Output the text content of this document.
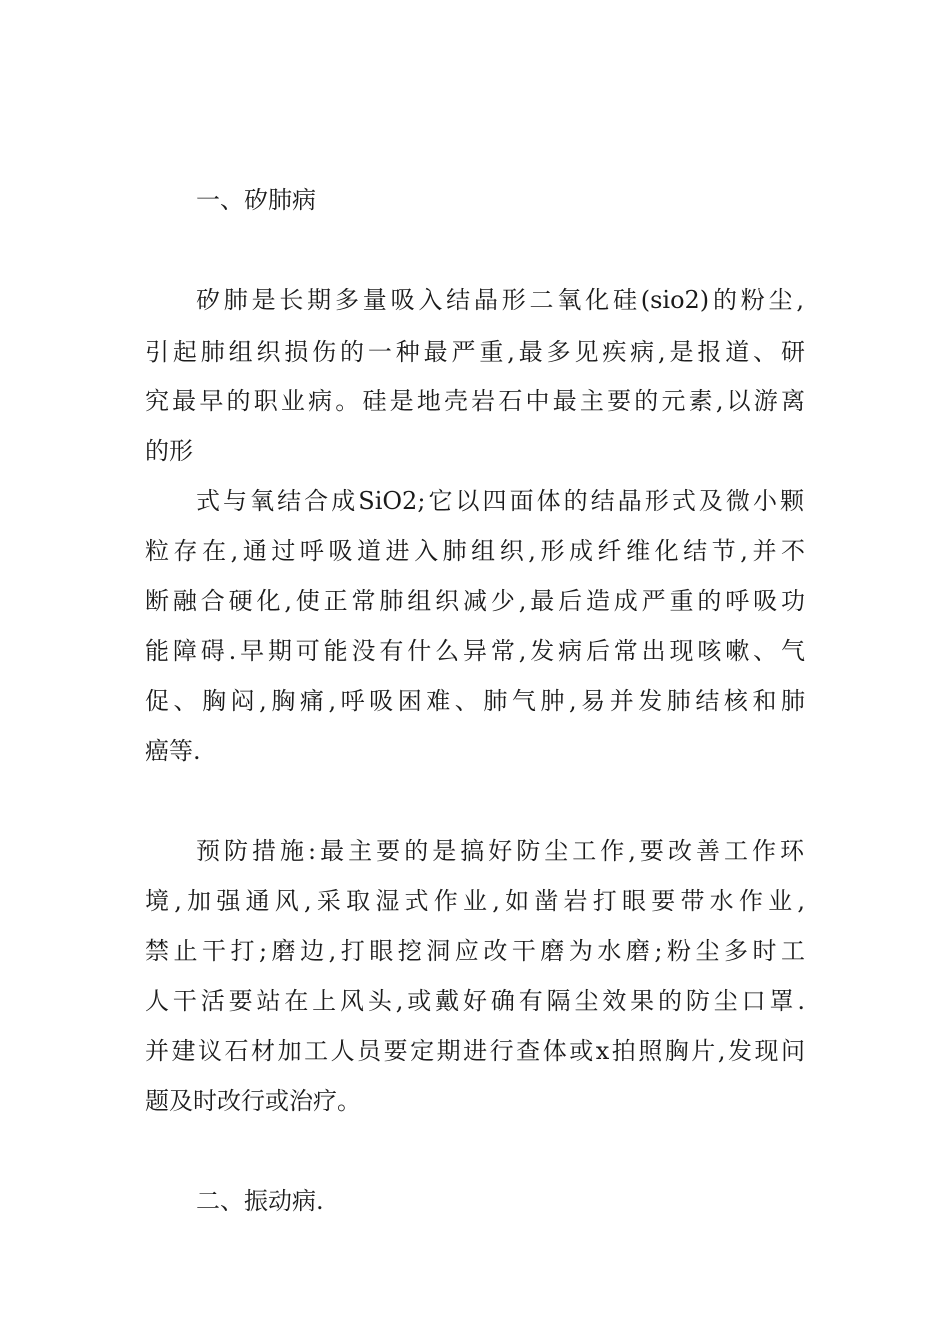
一、矽肺病
矽肺是长期多量吸入结晶形二氧化硅(sio2)的粉尘,
引起肺组织损伤的一种最严重,最多见疾病,是报道、研
究最早的职业病。硅是地壳岩石中最主要的元素,以游离
的形
式与氧结合成SiO2;它以四面体的结晶形式及微小颗
粒存在,通过呼吸道进入肺组织,形成纤维化结节,并不
断融合硬化,使正常肺组织减少,最后造成严重的呼吸功
能障碍.早期可能没有什么异常,发病后常出现咳嗽、气
促、胸闷,胸痛,呼吸困难、肺气肿,易并发肺结核和肺
癌等.
预防措施:最主要的是搞好防尘工作,要改善工作环
境,加强通风,采取湿式作业,如凿岩打眼要带水作业,
禁止干打;磨边,打眼挖洞应改干磨为水磨;粉尘多时工
人干活要站在上风头,或戴好确有隔尘效果的防尘口罩.
并建议石材加工人员要定期进行查体或x拍照胸片,发现问
题及时改行或治疗。
二、振动病.
